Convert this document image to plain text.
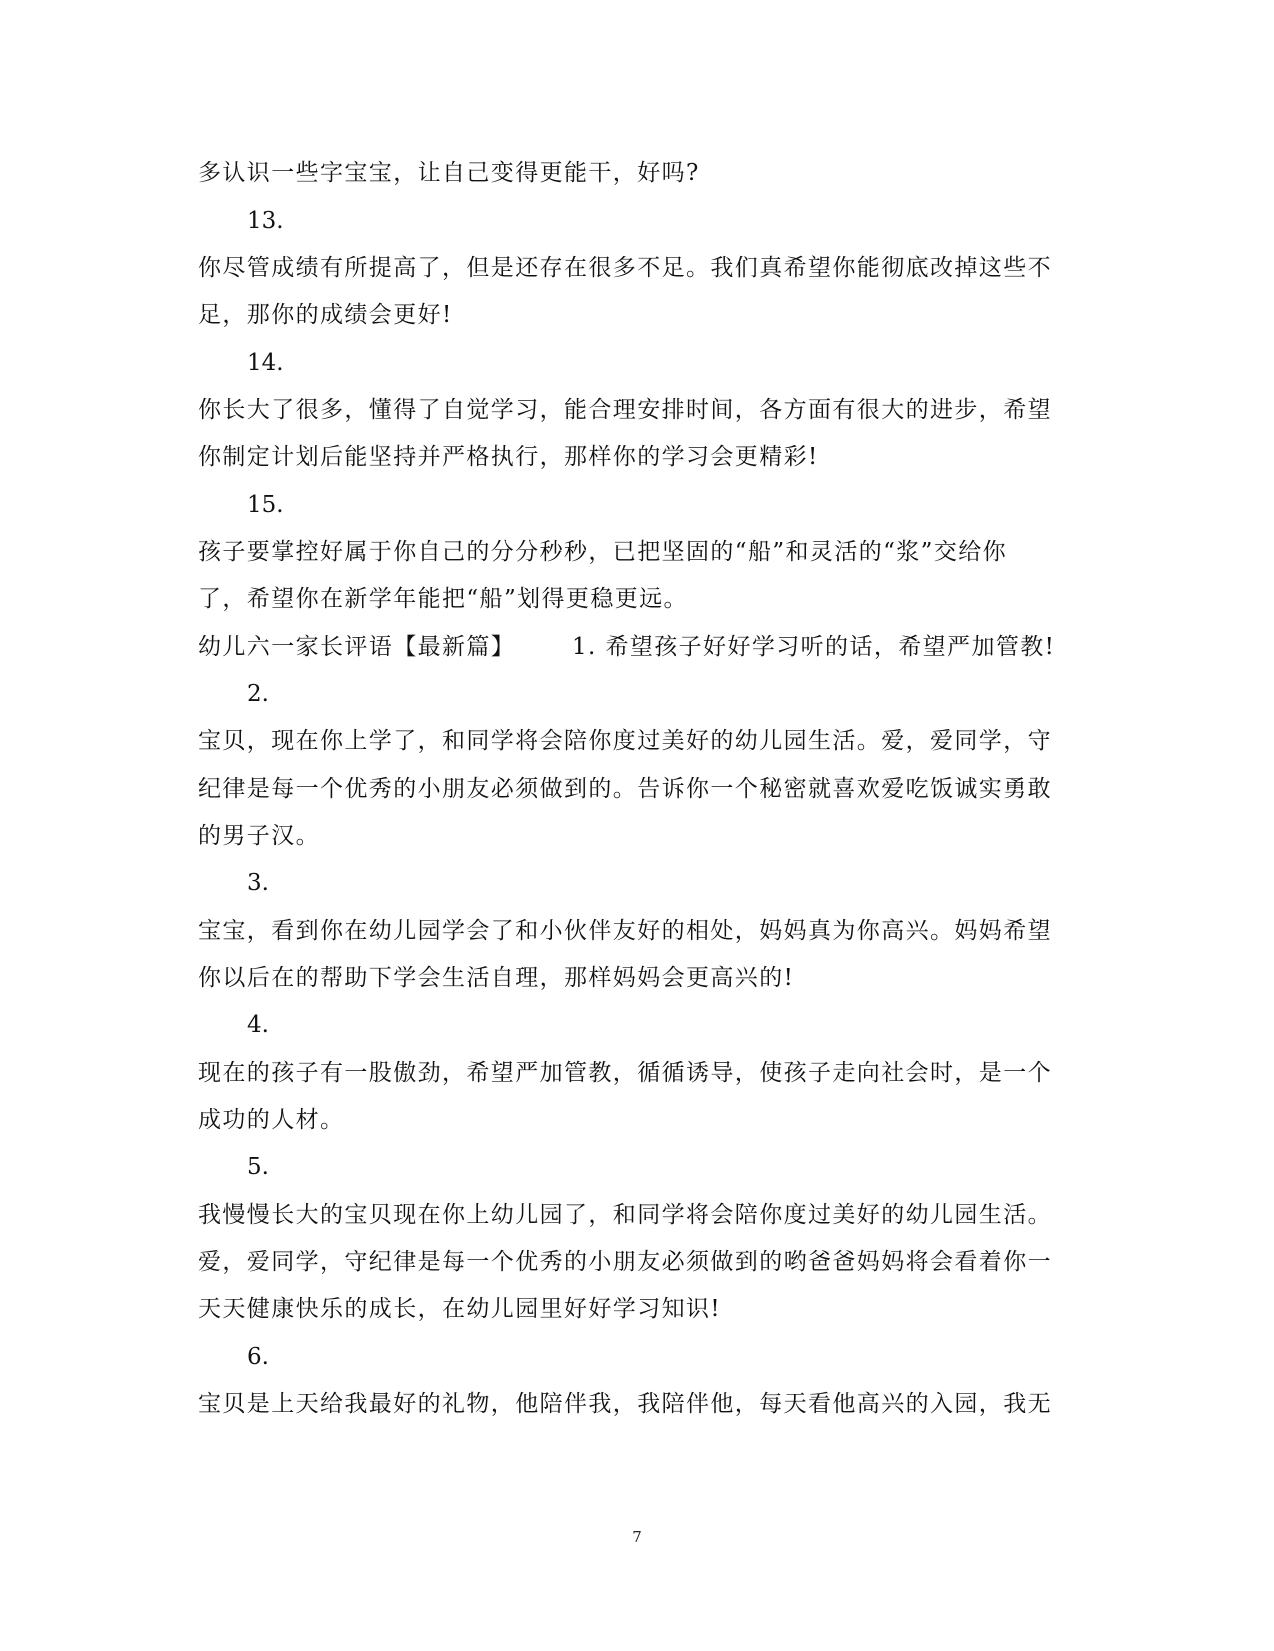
多认识一些字宝宝，让自己变得更能干，好吗?
13.
你尽管成绩有所提高了，但是还存在很多不足。我们真希望你能彻底改掉这些不
足，那你的成绩会更好!
14.
你长大了很多，懂得了自觉学习，能合理安排时间，各方面有很大的进步，希望
你制定计划后能坚持并严格执行，那样你的学习会更精彩!
15.
孩子要掌控好属于你自己的分分秒秒，已把坚固的“船”和灵活的“浆”交给你
了，希望你在新学年能把“船”划得更稳更远。
幼儿六一家长评语【最新篇】 1. 希望孩子好好学习听的话，希望严加管教!
2.
宝贝，现在你上学了，和同学将会陪你度过美好的幼儿园生活。爱，爱同学，守
纪律是每一个优秀的小朋友必须做到的。告诉你一个秘密就喜欢爱吃饭诚实勇敢
的男子汉。
3.
宝宝，看到你在幼儿园学会了和小伙伴友好的相处，妈妈真为你高兴。妈妈希望
你以后在的帮助下学会生活自理，那样妈妈会更高兴的!
4.
现在的孩子有一股傲劲，希望严加管教，循循诱导，使孩子走向社会时，是一个
成功的人材。
5.
我慢慢长大的宝贝现在你上幼儿园了，和同学将会陪你度过美好的幼儿园生活。
爱，爱同学，守纪律是每一个优秀的小朋友必须做到的哟爸爸妈妈将会看着你一
天天健康快乐的成长，在幼儿园里好好学习知识!
6.
宝贝是上天给我最好的礼物，他陪伴我，我陪伴他，每天看他高兴的入园，我无
7
